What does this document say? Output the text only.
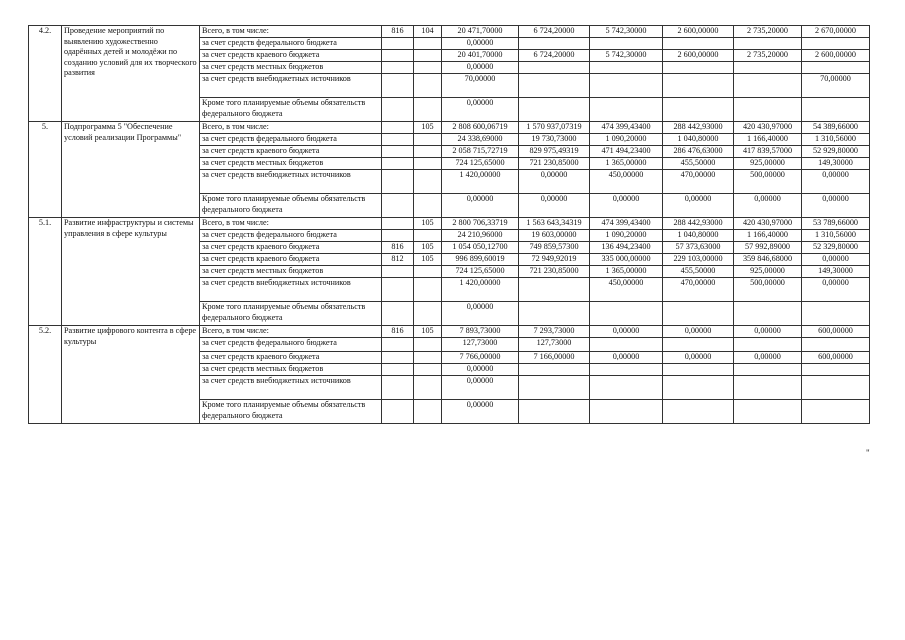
4.2.	Проведение мероприятий по выявлению художественно одарённых детей и молодёжи по созданию условий для их творческого развития	Всего, в том числе:	816	104	20 471,70000	6 724,20000	5 742,30000	2 600,00000	2 735,20000	2 670,00000
		за счет средств федерального бюджета			0,00000					
		за счет средств краевого бюджета			20 401,70000	6 724,20000	5 742,30000	2 600,00000	2 735,20000	2 600,00000
		за счет средств местных бюджетов			0,00000					
		за счет средств внебюджетных источников			70,00000					70,00000
		Кроме того планируемые объемы обязательств федерального бюджета			0,00000					
5.	Подпрограмма 5 "Обеспечение условий реализации Программы"	Всего, в том числе:		105	2 808 600,06719	1 570 937,07319	474 399,43400	288 442,93000	420 430,97000	54 389,66000
		за счет средств федерального бюджета			24 338,69000	19 730,73000	1 090,20000	1 040,80000	1 166,40000	1 310,56000
		за счет средств краевого бюджета			2 058 715,72719	829 975,49319	471 494,23400	286 476,63000	417 839,57000	52 929,80000
		за счет средств местных бюджетов			724 125,65000	721 230,85000	1 365,00000	455,50000	925,00000	149,30000
		за счет средств внебюджетных источников			1 420,00000	0,00000	450,00000	470,00000	500,00000	0,00000
		Кроме того планируемые объемы обязательств федерального бюджета			0,00000	0,00000	0,00000	0,00000	0,00000	0,00000
5.1.	Развитие инфраструктуры и системы управления в сфере культуры	Всего, в том числе:		105	2 800 706,33719	1 563 643,34319	474 399,43400	288 442,93000	420 430,97000	53 789,66000
		за счет средств федерального бюджета			24 210,96000	19 603,00000	1 090,20000	1 040,80000	1 166,40000	1 310,56000
		за счет средств краевого бюджета	816	105	1 054 050,12700	749 859,57300	136 494,23400	57 373,63000	57 992,89000	52 329,80000
		за счет средств краевого бюджета	812	105	996 899,60019	72 949,92019	335 000,00000	229 103,00000	359 846,68000	0,00000
		за счет средств местных бюджетов			724 125,65000	721 230,85000	1 365,00000	455,50000	925,00000	149,30000
		за счет средств внебюджетных источников			1 420,00000		450,00000	470,00000	500,00000	0,00000
		Кроме того планируемые объемы обязательств федерального бюджета			0,00000					
5.2.	Развитие цифрового контента в сфере культуры	Всего, в том числе:	816	105	7 893,73000	7 293,73000	0,00000	0,00000	0,00000	600,00000
		за счет средств федерального бюджета			127,73000	127,73000				
		за счет средств краевого бюджета			7 766,00000	7 166,00000	0,00000	0,00000	0,00000	600,00000
		за счет средств местных бюджетов			0,00000					
		за счет средств внебюджетных источников			0,00000					
		Кроме того планируемые объемы обязательств федерального бюджета			0,00000					
"
